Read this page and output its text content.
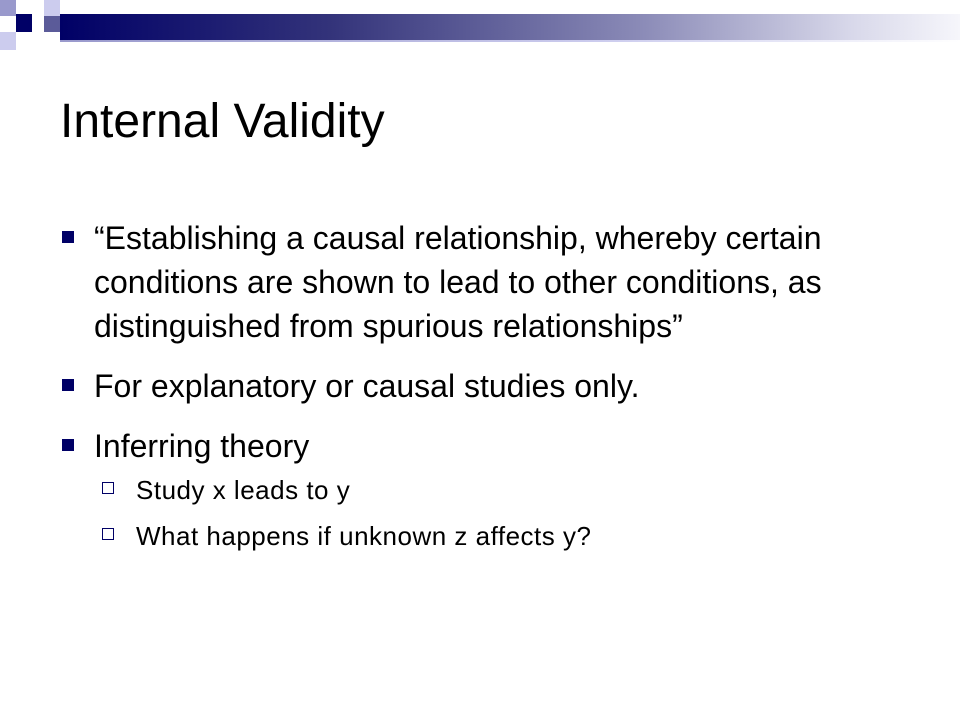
Internal Validity
“Establishing a causal relationship, whereby certain conditions are shown to lead to other conditions, as distinguished from spurious relationships”
For explanatory or causal studies only.
Inferring theory
Study x leads to y
What happens if unknown z affects y?
